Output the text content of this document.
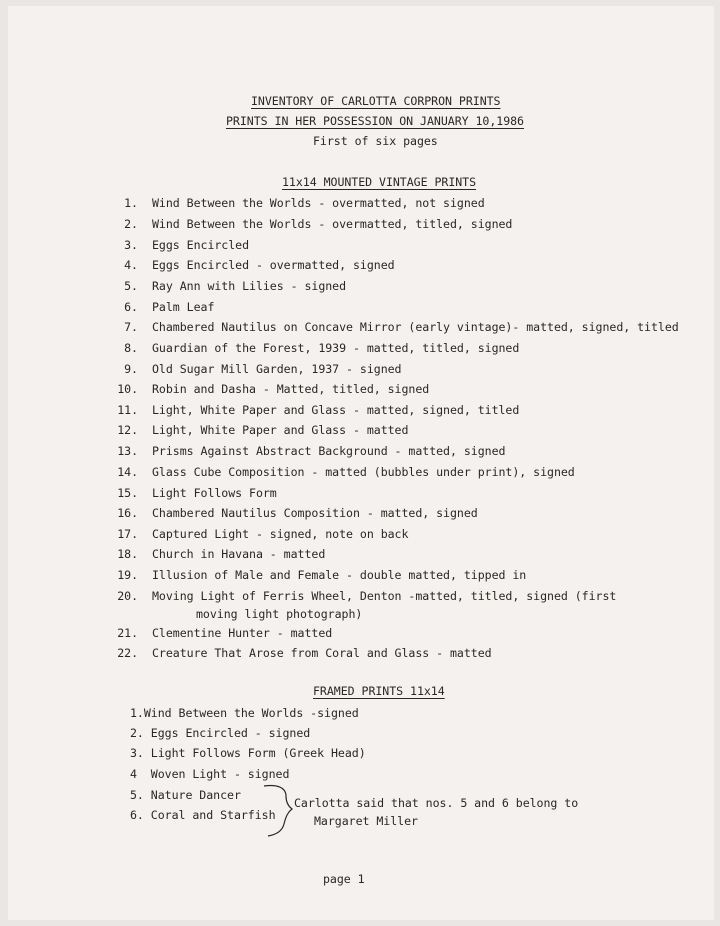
INVENTORY OF CARLOTTA CORPRON PRINTS
PRINTS IN HER POSSESSION ON JANUARY 10,1986
First of six pages
11x14 MOUNTED VINTAGE PRINTS
1. Wind Between the Worlds - overmatted, not signed
2. Wind Between the Worlds - overmatted, titled, signed
3. Eggs Encircled
4. Eggs Encircled - overmatted, signed
5. Ray Ann with Lilies - signed
6. Palm Leaf
7. Chambered Nautilus on Concave Mirror (early vintage)- matted, signed, titled
8. Guardian of the Forest, 1939 - matted, titled, signed
9. Old Sugar Mill Garden, 1937 - signed
10. Robin and Dasha - Matted, titled, signed
11. Light, White Paper and Glass - matted, signed, titled
12. Light, White Paper and Glass - matted
13. Prisms Against Abstract Background - matted, signed
14. Glass Cube Composition - matted (bubbles under print), signed
15. Light Follows Form
16. Chambered Nautilus Composition - matted, signed
17. Captured Light - signed, note on back
18. Church in Havana - matted
19. Illusion of Male and Female - double matted, tipped in
20. Moving Light of Ferris Wheel, Denton -matted, titled, signed (first
moving light photograph)
21. Clementine Hunter - matted
22. Creature That Arose from Coral and Glass - matted
FRAMED PRINTS 11x14
1.Wind Between the Worlds -signed
2. Eggs Encircled - signed
3. Light Follows Form (Greek Head)
4  Woven Light - signed
5. Nature Dancer
6. Coral and Starfish
Carlotta said that nos. 5 and 6 belong to
Margaret Miller
page 1
